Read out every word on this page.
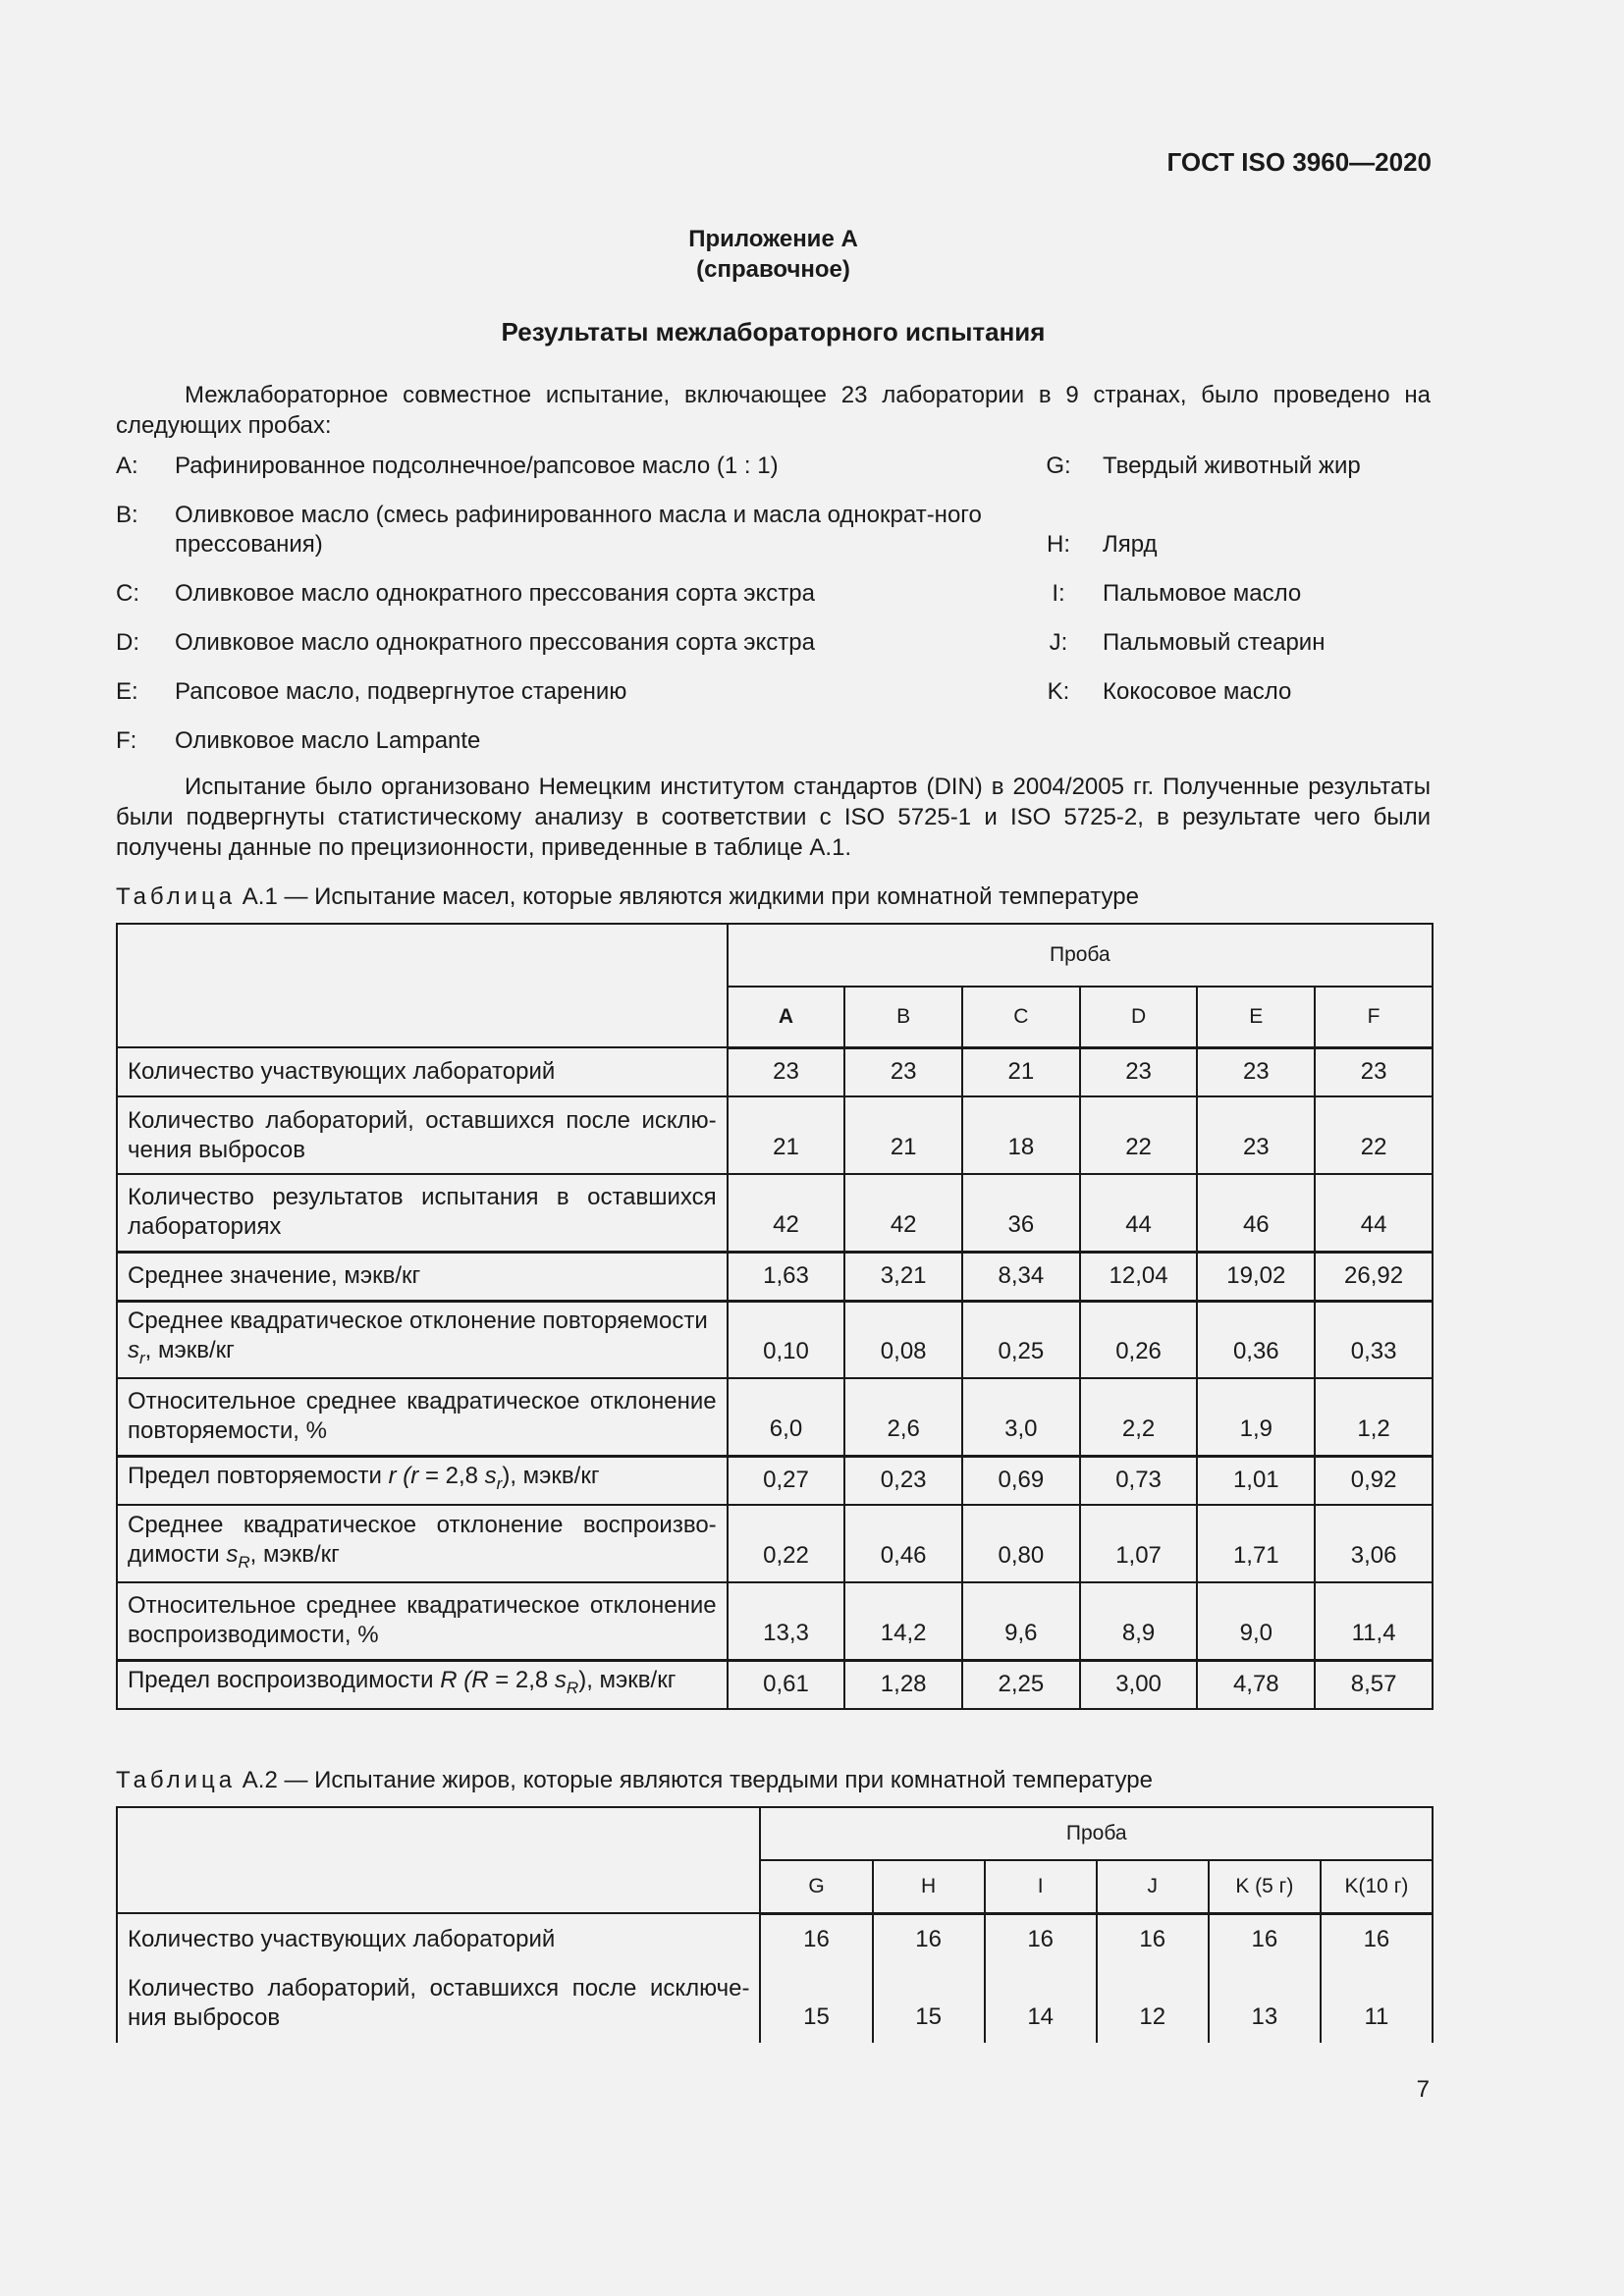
ГОСТ ISO 3960—2020
Приложение А
(справочное)
Результаты межлабораторного испытания
Межлабораторное совместное испытание, включающее 23 лаборатории в 9 странах, было проведено на следующих пробах:
A: Рафинированное подсолнечное/рапсовое масло (1 : 1)	G:	Твердый животный жир
B: Оливковое масло (смесь рафинированного масла и масла однократ-ного прессования)	H:	Лярд
C: Оливковое масло однократного прессования сорта экстра	I:	Пальмовое масло
D: Оливковое масло однократного прессования сорта экстра	J:	Пальмовый стеарин
E: Рапсовое масло, подвергнутое старению	K:	Кокосовое масло
F: Оливковое масло Lampante
Испытание было организовано Немецким институтом стандартов (DIN) в 2004/2005 гг. Полученные результаты были подвергнуты статистическому анализу в соответствии с ISO 5725-1 и ISO 5725-2, в результате чего были получены данные по прецизионности, приведенные в таблице А.1.
Таблица А.1 — Испытание масел, которые являются жидкими при комнатной температуре
	Проба					
	A	B	C	D	E	F
Количество участвующих лабораторий	23	23	21	23	23	23
Количество лабораторий, оставшихся после исклю-чения выбросов	21	21	18	22	23	22
Количество результатов испытания в оставшихся лабораториях	42	42	36	44	46	44
Среднее значение, мэкв/кг	1,63	3,21	8,34	12,04	19,02	26,92
Среднее квадратическое отклонение повторяемости
$s_r$, мэкв/кг	0,10	0,08	0,25	0,26	0,36	0,33
Относительное среднее квадратическое отклонение повторяемости, %	6,0	2,6	3,0	2,2	1,9	1,2
Предел повторяемости r (r = 2,8 $s_r$), мэкв/кг	0,27	0,23	0,69	0,73	1,01	0,92
Среднее квадратическое отклонение воспроизво-димости $s_R$, мэкв/кг	0,22	0,46	0,80	1,07	1,71	3,06
Относительное среднее квадратическое отклонение воспроизводимости, %	13,3	14,2	9,6	8,9	9,0	11,4
Предел воспроизводимости R (R = 2,8 $s_R$), мэкв/кг	0,61	1,28	2,25	3,00	4,78	8,57
Таблица А.2 — Испытание жиров, которые являются твердыми при комнатной температуре
	Проба					
	G	H	I	J	K (5 г)	K(10 г)
Количество участвующих лабораторий	16	16	16	16	16	16
Количество лабораторий, оставшихся после исключе-ния выбросов	15	15	14	12	13	11
7
